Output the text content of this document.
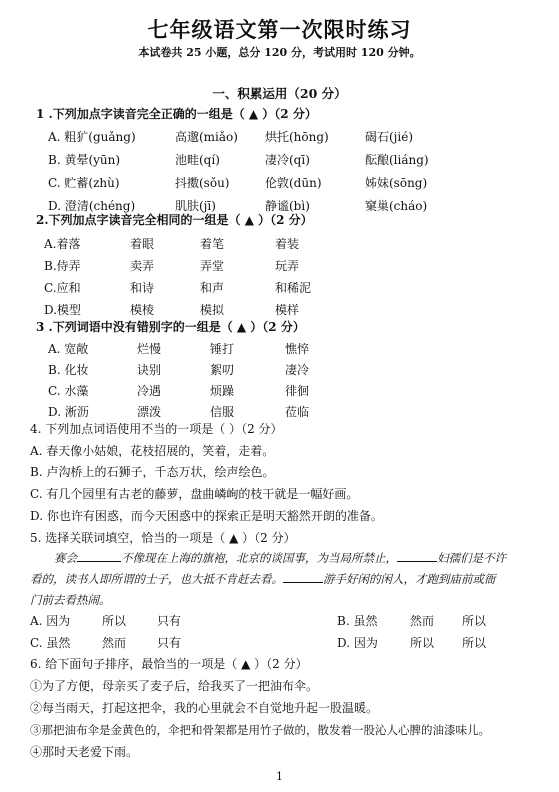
七年级语文第一次限时练习
本试卷共 25 小题，总分 120 分，考试用时 120 分钟。
一、积累运用（20 分）
1 .下列加点字读音完全正确的一组是（ ▲ ）（2 分）
A. 粗犷(guǎng)	高邈(miǎo) 烘托(hōng)	碣石(jié)
B. 黄晕(yūn)	池畦(qí)	凄冷(qī)	酝酿(liáng)
C. 贮蓄(zhù)	抖擞(sǒu)	伦敦(dūn)	姊妹(sōng)
D. 澄清(chéng)	肌肤(jī)	静谧(bì)	窠巢(cháo)
2.下列加点字读音完全相同的一组是（ ▲ ）（2 分）
A.着落	着眼	着笔	着装
B.侍弄	卖弄	弄堂	玩弄
C.应和	和诗	和声	和稀泥
D.模型	模棱	模拟	模样
3 .下列词语中没有错别字的一组是（ ▲ ）（2 分）
A. 宽敞	烂慢	锤打	憔悴
B. 化妆	诀别	絮叨	凄冷
C. 水藻	冷遇	烦躁	徘徊
D. 淅沥	漂泼	信服	莅临
4. 下列加点词语使用不当的一项是（ ）（2 分）
A. 春天像小姑娘，花枝招展的，笑着，走着。
B. 卢沟桥上的石狮子，千态万状，绘声绘色。
C. 有几个园里有古老的藤萝，盘曲嶙峋的枝干就是一幅好画。
D. 你也许有困惑，而今天困惑中的探索正是明天豁然开朗的准备。
5. 选择关联词填空，恰当的一项是（ ▲ ）（2 分）
赛会	不像现在上海的旗袍，北京的谈国事，为当局所禁止，	妇孺们是不许
看的，读书人即所谓的士子，也大抵不肯赶去看。	游手好闲的闲人，才跑到庙前或衙
门前去看热闹。
A. 因为	所以	只有	B. 虽然	然而 所以
C. 虽然	然而	只有	D. 因为	所以 所以
6. 给下面句子排序，最恰当的一项是（ ▲ ）（2 分）
①为了方便，母亲买了麦子后，给我买了一把油布伞。
②每当雨天，打起这把伞，我的心里就会不自觉地升起一股温暖。
③那把油布伞是金黄色的，伞把和骨架都是用竹子做的，散发着一股沁人心脾的油漆味儿。
④那时天老爱下雨。
1
